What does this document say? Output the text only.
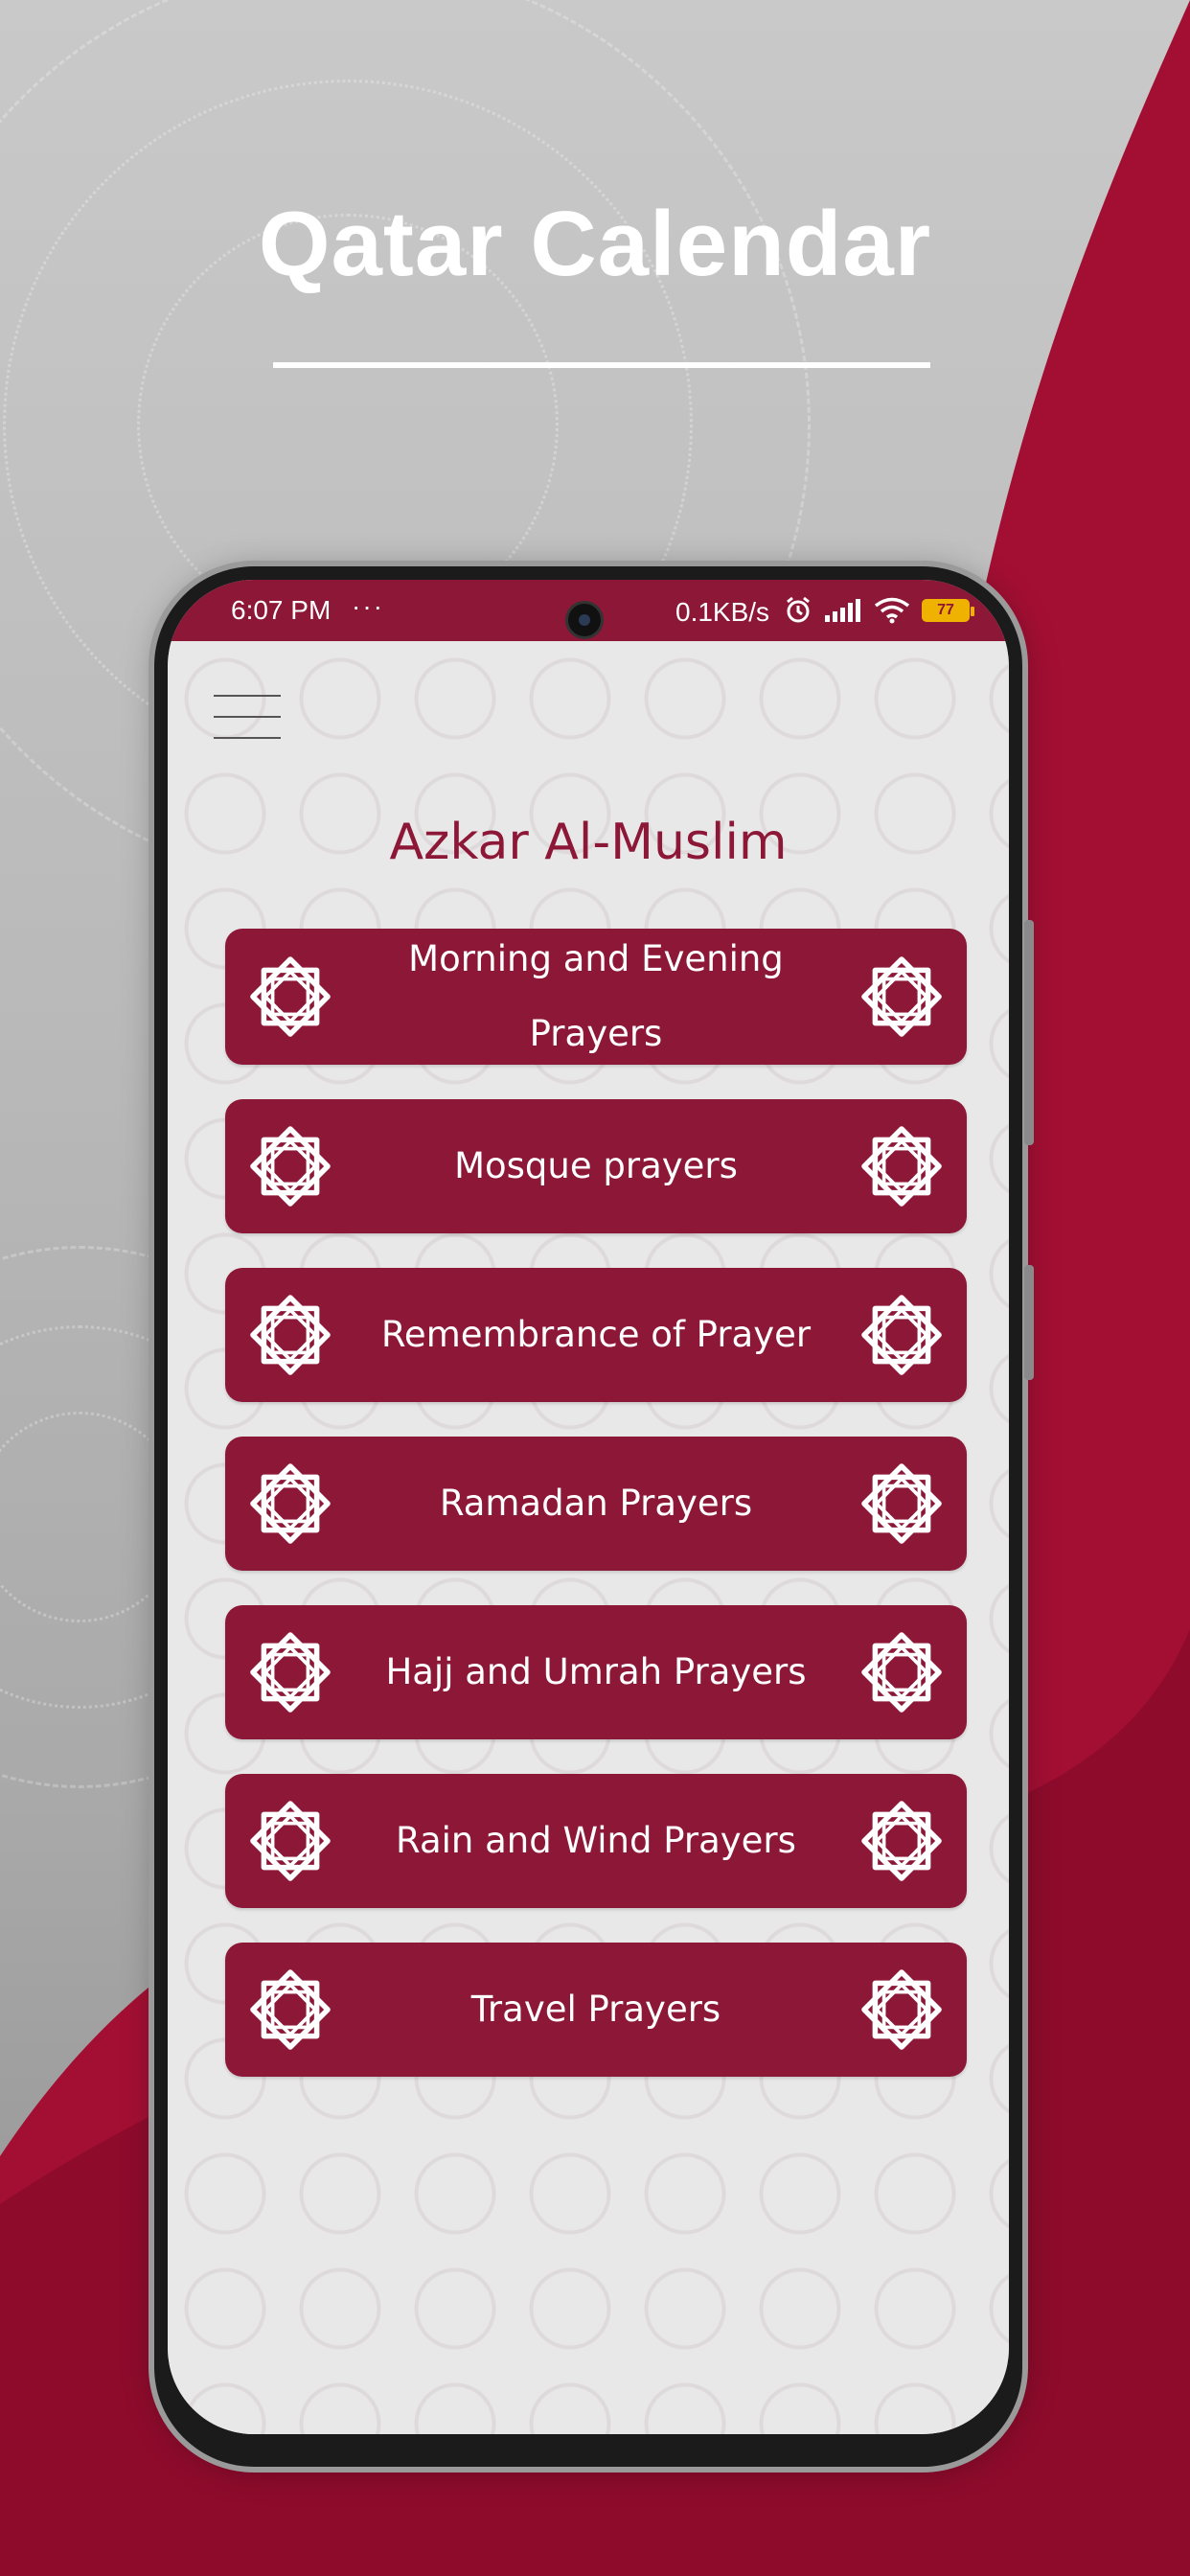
Qatar Calendar
6:07 PM ···	0.1KB/s	77
Azkar Al-Muslim
Morning and Evening Prayers
Mosque prayers
Remembrance of Prayer
Ramadan Prayers
Hajj and Umrah Prayers
Rain and Wind Prayers
Travel Prayers
